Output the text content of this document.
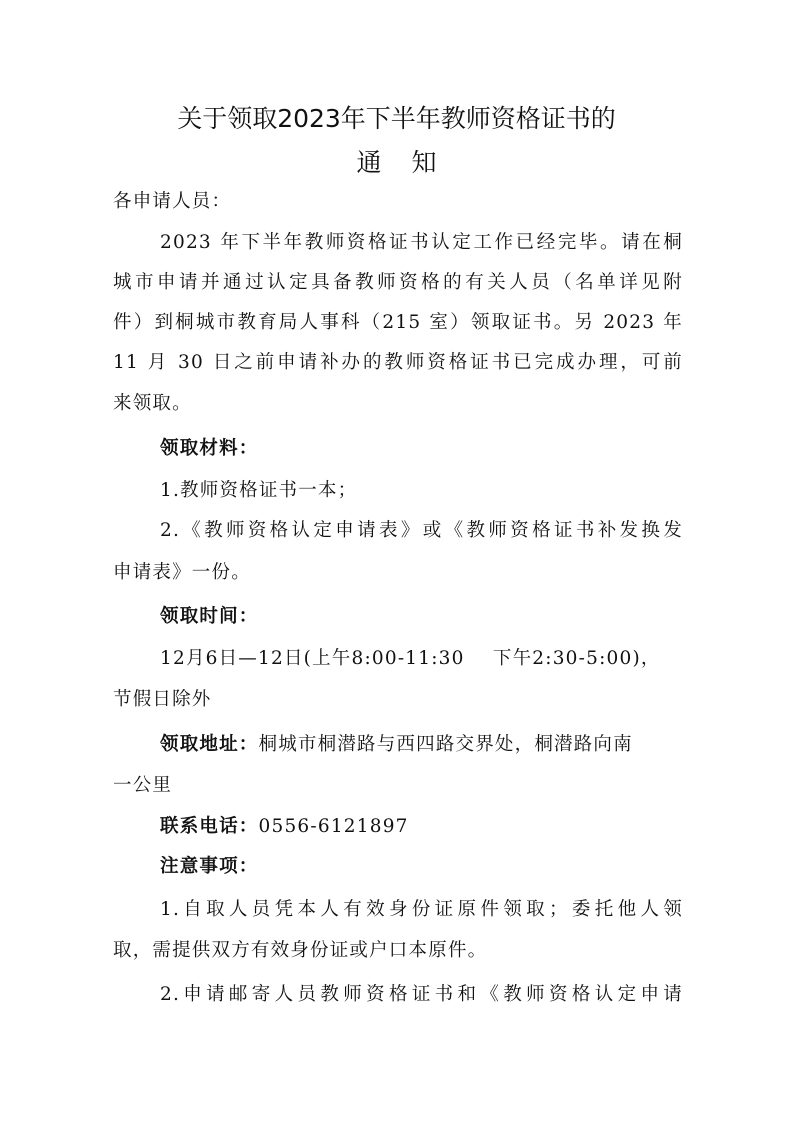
关于领取2023年下半年教师资格证书的
通知
各申请人员：
2023 年下半年教师资格证书认定工作已经完毕。请在桐
城市申请并通过认定具备教师资格的有关人员（名单详见附
件）到桐城市教育局人事科（215 室）领取证书。另 2023 年
11 月 30 日之前申请补办的教师资格证书已完成办理，可前
来领取。
领取材料：
1.教师资格证书一本；
2.《教师资格认定申请表》或《教师资格证书补发换发
申请表》一份。
领取时间：
12月6日—12日(上午8:00-11:30    下午2:30-5:00)，
节假日除外
领取地址：桐城市桐潜路与西四路交界处，桐潜路向南
一公里
联系电话：0556-6121897
注意事项：
1.自取人员凭本人有效身份证原件领取；委托他人领
取，需提供双方有效身份证或户口本原件。
2.申请邮寄人员教师资格证书和《教师资格认定申请
